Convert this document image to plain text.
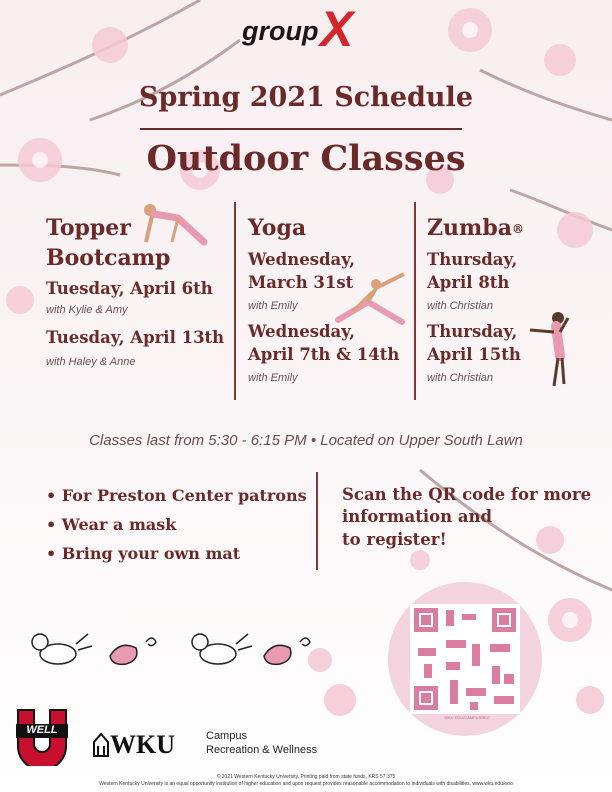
group X
Spring 2021 Schedule
Outdoor Classes
Topper
Bootcamp
Tuesday, April 6th
with Kylie & Amy
Tuesday, April 13th
with Haley & Anne
Yoga
Wednesday,
March 31st
with Emily
Wednesday,
April 7th & 14th
with Emily
Zumba®
Thursday,
April 8th
with Christian
Thursday,
April 15th
with Christian
Classes last from 5:30 - 6:15 PM • Located on Upper South Lawn
• For Preston Center patrons
• Wear a mask
• Bring your own mat
Scan the QR code for more
information and
to register!
WKU.EDU/CAMPUSREC
WELL	WKU	Campus
Recreation & Wellness
© 2021 Western Kentucky University. Printing paid from state funds, KRS 57.375
Western Kentucky University is an equal opportunity institution of higher education and upon request provides reasonable accommodation to individuals with disabilities. www.wku.edu/eoo
